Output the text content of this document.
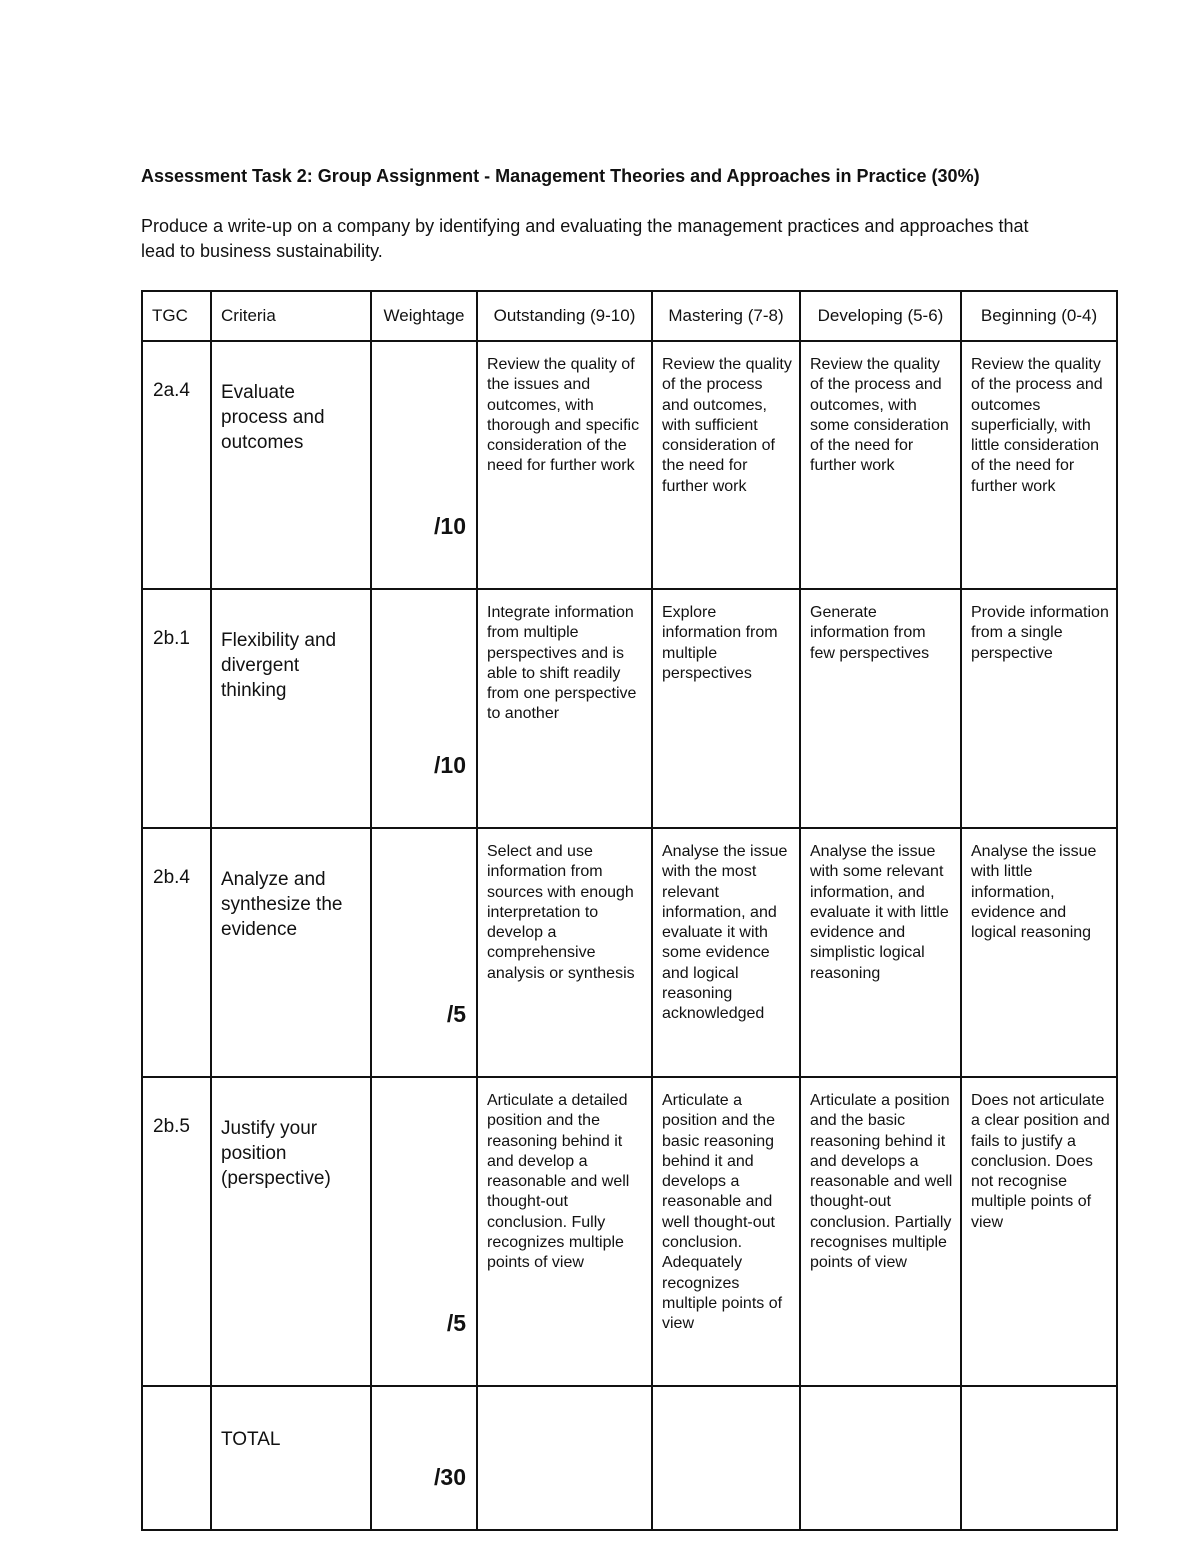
Assessment Task 2: Group Assignment - Management Theories and Approaches in Practice (30%)
Produce a write-up on a company by identifying and evaluating the management practices and approaches that lead to business sustainability.
TGC	Criteria	Weightage	Outstanding (9-10)	Mastering (7-8)	Developing (5-6)	Beginning (0-4)
2a.4	Evaluate process and outcomes	/10	Review the quality of the issues and outcomes, with thorough and specific consideration of the need for further work	Review the quality of the process and outcomes, with sufficient consideration of the need for further work	Review the quality of the process and outcomes, with some consideration of the need for further work	Review the quality of the process and outcomes superficially, with little consideration of the need for further work
2b.1	Flexibility and divergent thinking	/10	Integrate information from multiple perspectives and is able to shift readily from one perspective to another	Explore information from multiple perspectives	Generate information from few perspectives	Provide information from a single perspective
2b.4	Analyze and synthesize the evidence	/5	Select and use information from sources with enough interpretation to develop a comprehensive analysis or synthesis	Analyse the issue with the most relevant information, and evaluate it with some evidence and logical reasoning acknowledged	Analyse the issue with some relevant information, and evaluate it with little evidence and simplistic logical reasoning	Analyse the issue with little information, evidence and logical reasoning
2b.5	Justify your position (perspective)	/5	Articulate a detailed position and the reasoning behind it and develop a reasonable and well thought-out conclusion. Fully recognizes multiple points of view	Articulate a position and the basic reasoning behind it and develops a reasonable and well thought-out conclusion. Adequately recognizes multiple points of view	Articulate a position and the basic reasoning behind it and develops a reasonable and well thought-out conclusion. Partially recognises multiple points of view	Does not articulate a clear position and fails to justify a conclusion. Does not recognise multiple points of view
	TOTAL	/30				
